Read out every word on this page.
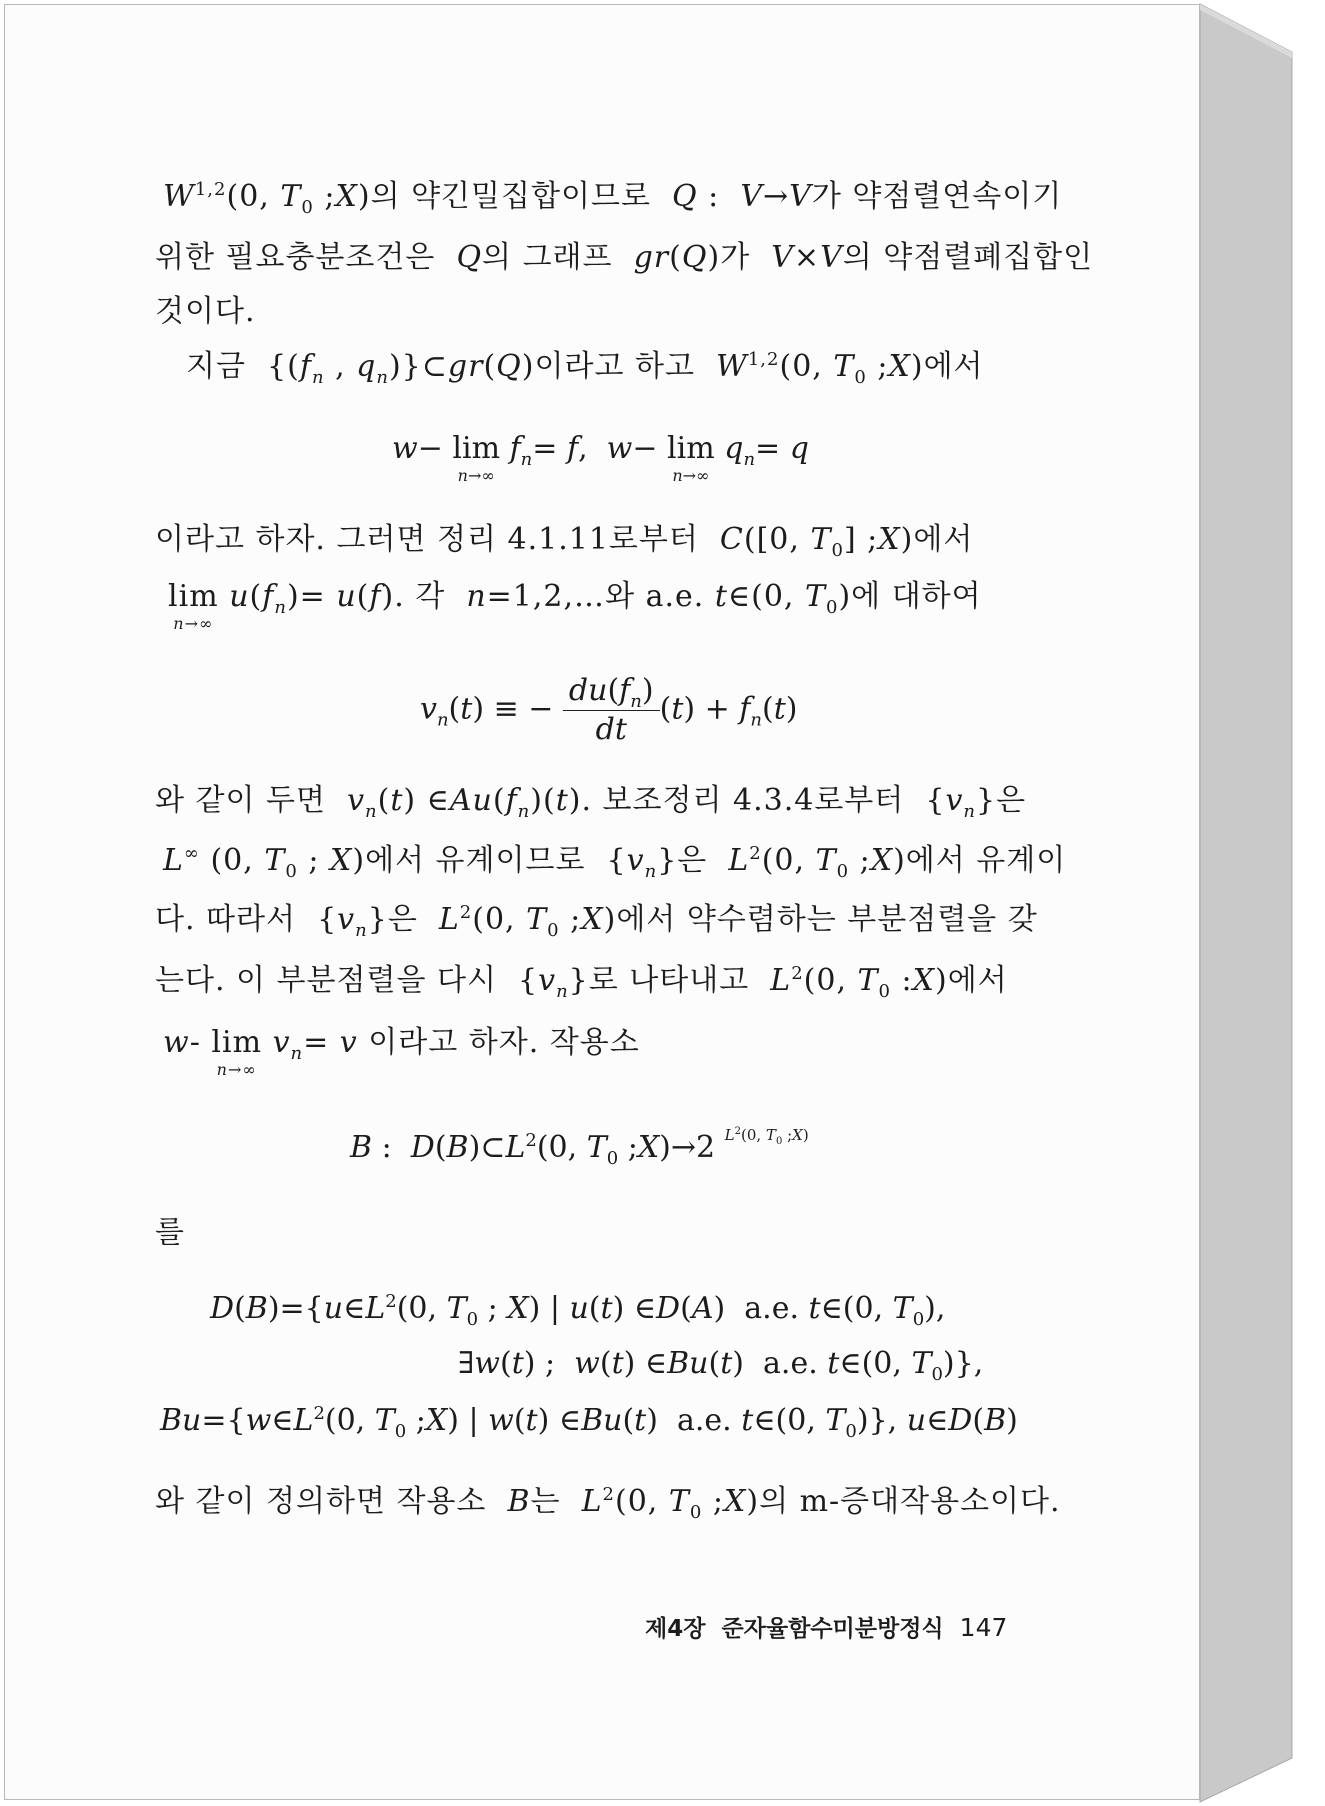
W$^{1,2}$(0, $T_0$ ;X)의 약긴밀집합이므로 Q :  V→V가 약점렬연속이기
위한 필요충분조건은 Q의 그래프 gr(Q)가 V×V의 약점렬폐집합인
것이다.
지금  {($f_n$ , $q_n)\}\subset gr(Q)$이라고 하고 W$^{1,2}$(0, $T_0$ ;X)에서
w− lim
n→∞
$f_n= f$,  w− lim
n→∞
$q_n= q$
이라고 하자. 그러면 정리 4.1.11로부터 C([0, $T_0$] ;X)에서
lim
n→∞
$u(f_n)= u(f)$. 각 n=1,2,…와 a.e. t∈(0, $T_0$)에 대하여
$v_n(t)$ ≡ − $\frac{du(f_n)}{dt} (t) + f_n(t)$
와 같이 두면 $v_n(t)$ $\in Au(f_n)(t)$. 보조정리 4.3.4로부터  $\{v_n\}$은
L∞ (0, $T_0$ ; X)에서 유계이므로  $\{v_n\}$은 $L^2(0$, $T_0$ ;X)에서 유계이
다. 따라서  $\{v_n\}$은 $L^2(0$, $T_0$ ;X)에서 약수렴하는 부분점렬을 갖
는다. 이 부분점렬을 다시  $\{v_n\}$로 나타내고 $L^2(0$, $T_0$ :X)에서
w- lim
n→∞
$v_n= v$ 이라고 하자. 작용소
B :  $D(B)\subset L^2(0$, $T_0$ ;X)→2 $^{L^2(0, T_0 ;X)}$
를
$D(B)=\{u\in L^2(0$, $T_0$ ; X) | u(t) ∈D(A)  a.e. t∈(0, $T_0$),
∃w(t) ;  w(t) ∈Bu(t)  a.e. t∈(0, $T_0$)},
$Bu=\{w\in L^2(0$, $T_0$ ;X) | w(t) ∈Bu(t)  a.e. t∈(0, $T_0$)}, u∈D(B)
와 같이 정의하면 작용소 B는 $L^2(0$, $T_0$ ;X)의 m-증대작용소이다.
제4장 준자율함수미분방정식 147
